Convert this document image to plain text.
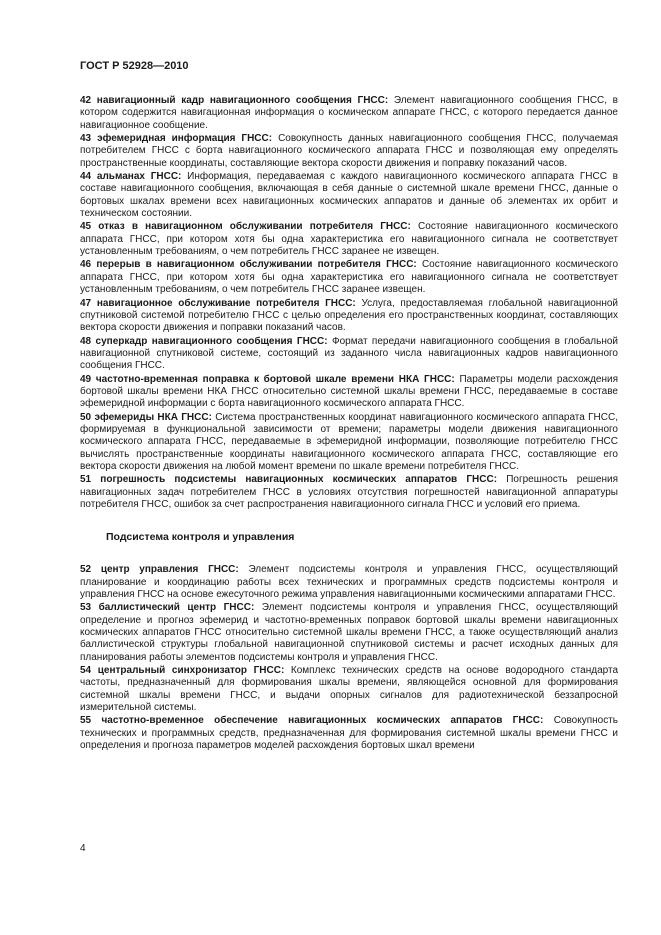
ГОСТ Р 52928—2010

42 навигационный кадр навигационного сообщения ГНСС: Элемент навигационного сообщения ГНСС, в котором содержится навигационная информация о космическом аппарате ГНСС, с которого передается данное навигационное сообщение.

43 эфемеридная информация ГНСС: Совокупность данных навигационного сообщения ГНСС, получаемая потребителем ГНСС с борта навигационного космического аппарата ГНСС и позволяющая ему определять пространственные координаты, составляющие вектора скорости движения и поправку показаний часов.

44 альманах ГНСС: Информация, передаваемая с каждого навигационного космического аппарата ГНСС в составе навигационного сообщения, включающая в себя данные о системной шкале времени ГНСС, данные о бортовых шкалах времени всех навигационных космических аппаратов и данные об элементах их орбит и техническом состоянии.

45 отказ в навигационном обслуживании потребителя ГНСС: Состояние навигационного космического аппарата ГНСС, при котором хотя бы одна характеристика его навигационного сигнала не соответствует установленным требованиям, о чем потребитель ГНСС заранее не извещен.

46 перерыв в навигационном обслуживании потребителя ГНСС: Состояние навигационного космического аппарата ГНСС, при котором хотя бы одна характеристика его навигационного сигнала не соответствует установленным требованиям, о чем потребитель ГНСС заранее извещен.

47 навигационное обслуживание потребителя ГНСС: Услуга, предоставляемая глобальной навигационной спутниковой системой потребителю ГНСС с целью определения его пространственных координат, составляющих вектора скорости движения и поправки показаний часов.

48 суперкадр навигационного сообщения ГНСС: Формат передачи навигационного сообщения в глобальной навигационной спутниковой системе, состоящий из заданного числа навигационных кадров навигационного сообщения ГНСС.

49 частотно-временная поправка к бортовой шкале времени НКА ГНСС: Параметры модели расхождения бортовой шкалы времени НКА ГНСС относительно системной шкалы времени ГНСС, передаваемые в составе эфемеридной информации с борта навигационного космического аппарата ГНСС.

50 эфемериды НКА ГНСС: Система пространственных координат навигационного космического аппарата ГНСС, формируемая в функциональной зависимости от времени; параметры модели движения навигационного космического аппарата ГНСС, передаваемые в эфемеридной информации, позволяющие потребителю ГНСС вычислять пространственные координаты навигационного космического аппарата ГНСС, составляющие его вектора скорости движения на любой момент времени по шкале времени потребителя ГНСС.

51 погрешность подсистемы навигационных космических аппаратов ГНСС: Погрешность решения навигационных задач потребителем ГНСС в условиях отсутствия погрешностей навигационной аппаратуры потребителя ГНСС, ошибок за счет распространения навигационного сигнала ГНСС и условий его приема.

Подсистема контроля и управления

52 центр управления ГНСС: Элемент подсистемы контроля и управления ГНСС, осуществляющий планирование и координацию работы всех технических и программных средств подсистемы контроля и управления ГНСС на основе ежесуточного режима управления навигационными космическими аппаратами ГНСС.

53 баллистический центр ГНСС: Элемент подсистемы контроля и управления ГНСС, осуществляющий определение и прогноз эфемерид и частотно-временных поправок бортовой шкалы времени навигационных космических аппаратов ГНСС относительно системной шкалы времени ГНСС, а также осуществляющий анализ баллистической структуры глобальной навигационной спутниковой системы и расчет исходных данных для планирования работы элементов подсистемы контроля и управления ГНСС.

54 центральный синхронизатор ГНСС: Комплекс технических средств на основе водородного стандарта частоты, предназначенный для формирования шкалы времени, являющейся основной для формирования системной шкалы времени ГНСС, и выдачи опорных сигналов для радиотехнической беззапросной измерительной системы.

55 частотно-временное обеспечение навигационных космических аппаратов ГНСС: Совокупность технических и программных средств, предназначенная для формирования системной шкалы времени ГНСС и определения и прогноза параметров моделей расхождения бортовых шкал времени

4
